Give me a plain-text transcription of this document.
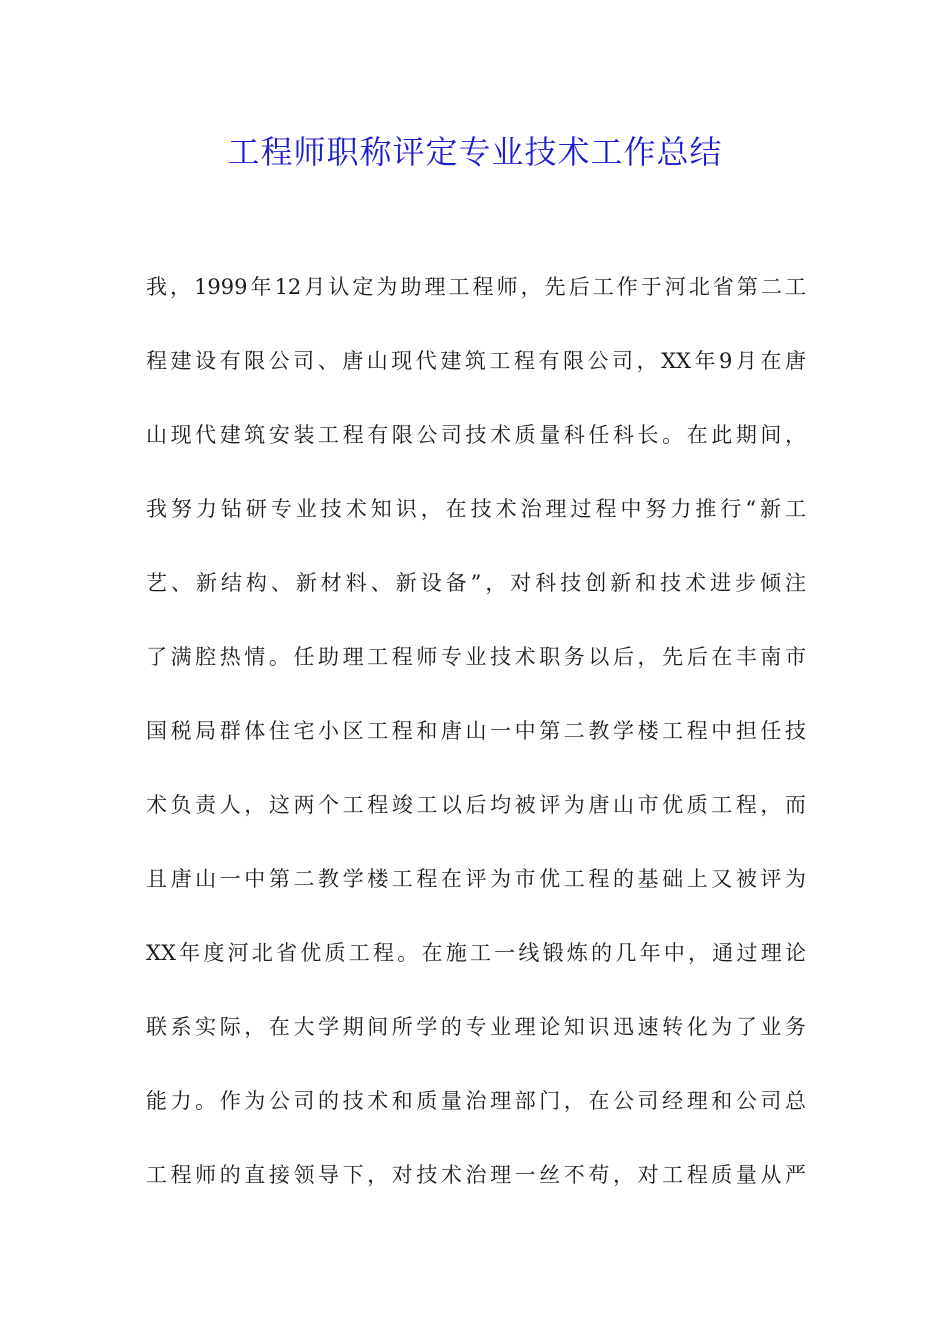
工程师职称评定专业技术工作总结
我，1999年12月认定为助理工程师，先后工作于河北省第二工
程建设有限公司、唐山现代建筑工程有限公司，XX年9月在唐
山现代建筑安装工程有限公司技术质量科任科长。在此期间，
我努力钻研专业技术知识，在技术治理过程中努力推行“新工
艺、新结构、新材料、新设备”，对科技创新和技术进步倾注
了满腔热情。任助理工程师专业技术职务以后，先后在丰南市
国税局群体住宅小区工程和唐山一中第二教学楼工程中担任技
术负责人，这两个工程竣工以后均被评为唐山市优质工程，而
且唐山一中第二教学楼工程在评为市优工程的基础上又被评为
XX年度河北省优质工程。在施工一线锻炼的几年中，通过理论
联系实际，在大学期间所学的专业理论知识迅速转化为了业务
能力。作为公司的技术和质量治理部门，在公司经理和公司总
工程师的直接领导下，对技术治理一丝不苟，对工程质量从严
